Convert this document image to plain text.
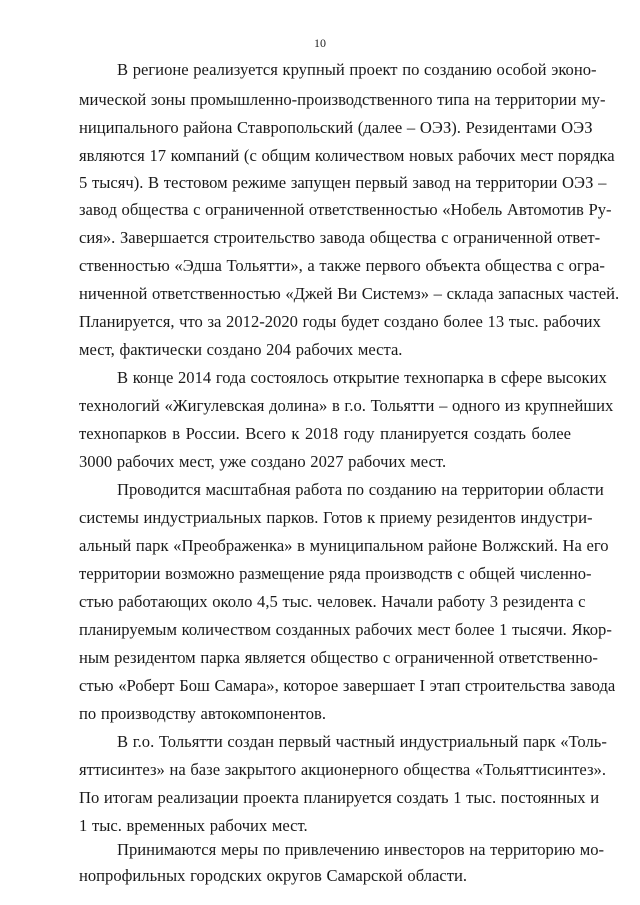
10
В регионе реализуется крупный проект по созданию особой эконо-
мической зоны промышленно-производственного типа на территории му-
ниципального района Ставропольский (далее – ОЭЗ). Резидентами ОЭЗ
являются 17 компаний (с общим количеством новых рабочих мест порядка
5 тысяч). В тестовом режиме запущен первый завод на территории ОЭЗ –
завод общества с ограниченной ответственностью «Нобель Автомотив Ру-
сия». Завершается строительство завода общества с ограниченной ответ-
ственностью «Эдша Тольятти», а также первого объекта общества с огра-
ниченной ответственностью «Джей Ви Системз» – склада запасных частей.
Планируется, что за 2012-2020 годы будет создано более 13 тыс. рабочих
мест, фактически создано 204 рабочих места.
В конце 2014 года состоялось открытие технопарка в сфере высоких
технологий «Жигулевская долина» в г.о. Тольятти – одного из крупнейших
технопарков в России. Всего к 2018 году планируется создать более
3000 рабочих мест, уже создано 2027 рабочих мест.
Проводится масштабная работа по созданию на территории области
системы индустриальных парков. Готов к приему резидентов индустри-
альный парк «Преображенка» в муниципальном районе Волжский. На его
территории возможно размещение ряда производств с общей численно-
стью работающих около 4,5 тыс. человек. Начали работу 3 резидента с
планируемым количеством созданных рабочих мест более 1 тысячи. Якор-
ным резидентом парка является общество с ограниченной ответственно-
стью «Роберт Бош Самара», которое завершает I этап строительства завода
по производству автокомпонентов.
В г.о. Тольятти создан первый частный индустриальный парк «Толь-
яттисинтез» на базе закрытого акционерного общества «Тольяттисинтез».
По итогам реализации проекта планируется создать 1 тыс. постоянных и
1 тыс. временных рабочих мест.
Принимаются меры по привлечению инвесторов на территорию мо-
нопрофильных городских округов Самарской области.
